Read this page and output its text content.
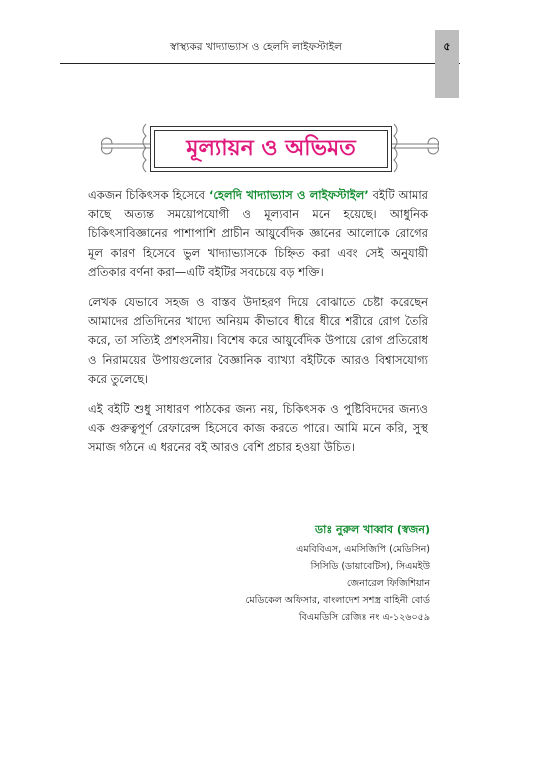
স্বাস্থ্যকর খাদ্যাভ্যাস ও হেলদি লাইফস্টাইল	৫
মূল্যায়ন ও অভিমত

একজন চিকিৎসক হিসেবে ‘হেলদি খাদ্যাভ্যাস ও লাইফস্টাইল’ বইটি আমার কাছে অত্যন্ত সময়োপযোগী ও মূল্যবান মনে হয়েছে। আধুনিক চিকিৎসাবিজ্ঞানের পাশাপাশি প্রাচীন আয়ুর্বেদিক জ্ঞানের আলোকে রোগের মূল কারণ হিসেবে ভুল খাদ্যাভ্যাসকে চিহ্নিত করা এবং সেই অনুযায়ী প্রতিকার বর্ণনা করা—এটি বইটির সবচেয়ে বড় শক্তি।

লেখক যেভাবে সহজ ও বাস্তব উদাহরণ দিয়ে বোঝাতে চেষ্টা করেছেন আমাদের প্রতিদিনের খাদ্যে অনিয়ম কীভাবে ধীরে ধীরে শরীরে রোগ তৈরি করে, তা সত্যিই প্রশংসনীয়। বিশেষ করে আয়ুর্বেদিক উপায়ে রোগ প্রতিরোধ ও নিরাময়ের উপায়গুলোর বৈজ্ঞানিক ব্যাখ্যা বইটিকে আরও বিশ্বাসযোগ্য করে তুলেছে।

এই বইটি শুধু সাধারণ পাঠকের জন্য নয়, চিকিৎসক ও পুষ্টিবিদদের জন্যও এক গুরুত্বপূর্ণ রেফারেন্স হিসেবে কাজ করতে পারে। আমি মনে করি, সুস্থ সমাজ গঠনে এ ধরনের বই আরও বেশি প্রচার হওয়া উচিত।

ডাঃ নুরুল খাব্বাব (স্বজন)
এমবিবিএস, এমসিজিপি (মেডিসিন)
সিসিডি (ডায়াবেটিস), সিএমইউ
জেনারেল ফিজিশিয়ান
মেডিকেল অফিসার, বাংলাদেশ সশস্ত্র বাহিনী বোর্ড
বিএমডিসি রেজিঃ নং এ-১২৬০৫৯
